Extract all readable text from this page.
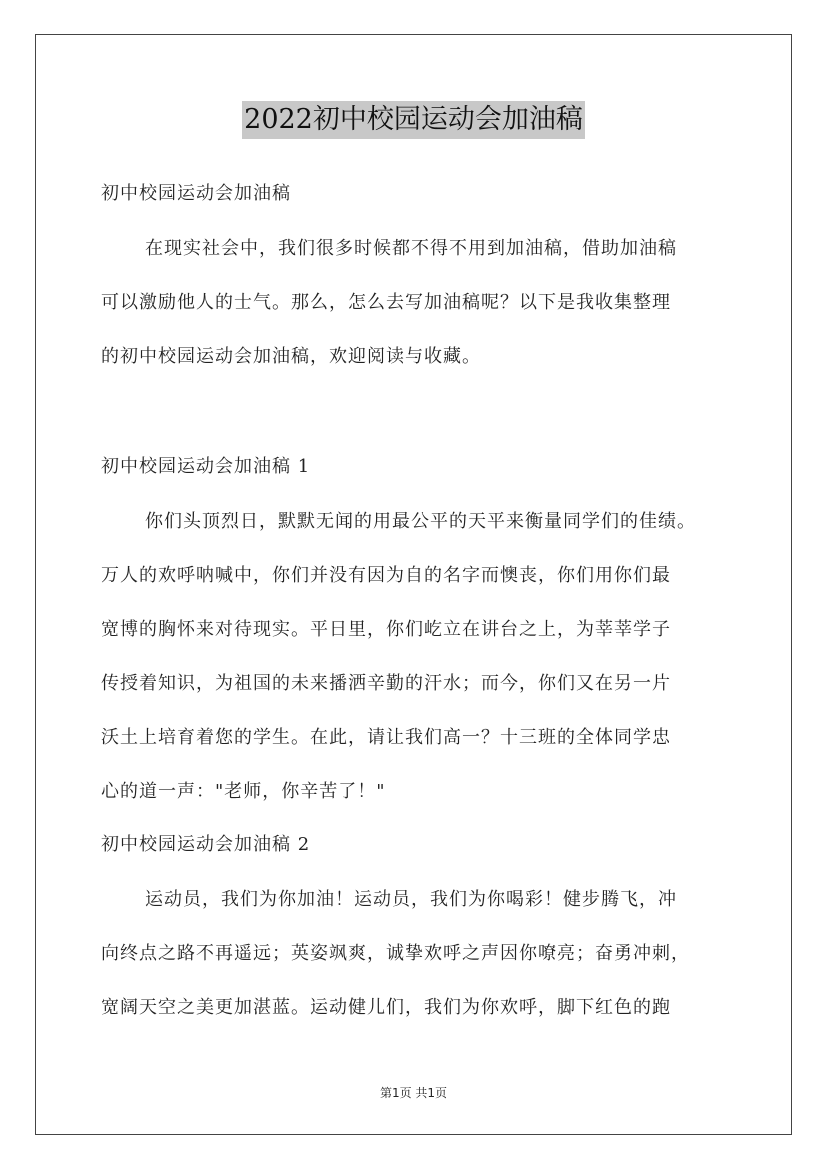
2022初中校园运动会加油稿

初中校园运动会加油稿

在现实社会中，我们很多时候都不得不用到加油稿，借助加油稿
可以激励他人的士气。那么，怎么去写加油稿呢？以下是我收集整理
的初中校园运动会加油稿，欢迎阅读与收藏。

初中校园运动会加油稿 1

你们头顶烈日，默默无闻的用最公平的天平来衡量同学们的佳绩。
万人的欢呼呐喊中，你们并没有因为自的名字而懊丧，你们用你们最
宽博的胸怀来对待现实。平日里，你们屹立在讲台之上，为莘莘学子
传授着知识，为祖国的未来播洒辛勤的汗水；而今，你们又在另一片
沃土上培育着您的学生。在此，请让我们高一？十三班的全体同学忠
心的道一声："老师，你辛苦了！"

初中校园运动会加油稿 2

运动员，我们为你加油！运动员，我们为你喝彩！健步腾飞，冲
向终点之路不再遥远；英姿飒爽，诚挚欢呼之声因你嘹亮；奋勇冲刺，
宽阔天空之美更加湛蓝。运动健儿们，我们为你欢呼，脚下红色的跑

第1页 共1页
